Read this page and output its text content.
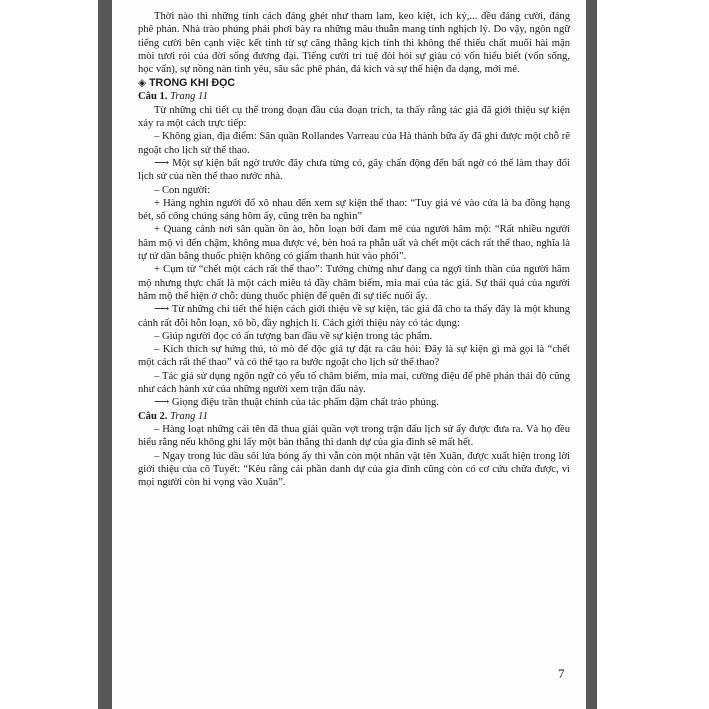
Thời nào thì những tính cách đáng ghét như tham lam, keo kiệt, ích kỷ,... đều đáng cười, đáng phê phán. Nhà trào phúng phải phơi bày ra những mâu thuẫn mang tính nghịch lý. Do vậy, ngôn ngữ tiếng cười bên cạnh việc kết tinh từ sự căng thẳng kịch tính thì không thể thiếu chất muối hài mặn mòi tươi rói của đời sống đương đại. Tiếng cười trí tuệ đòi hỏi sự giàu có vốn hiểu biết (vốn sống, học vấn), sự nồng nàn tình yêu, sâu sắc phê phán, đả kích và sự thể hiện đa dạng, mới mẻ.

◈ TRONG KHI ĐỌC
Câu 1. Trang 11

Từ những chi tiết cụ thể trong đoạn đầu của đoạn trích, ta thấy rằng tác giả đã giới thiệu sự kiện xảy ra một cách trực tiếp:

– Không gian, địa điểm: Sân quần Rollandes Varreau của Hà thành bữa ấy đã ghi được một chỗ rẽ ngoặt cho lịch sử thể thao.

⟶ Một sự kiện bất ngờ trước đây chưa từng có, gây chấn động đến bất ngờ có thể làm thay đổi lịch sử của nền thể thao nước nhà.

– Con người:

+ Hàng nghìn người đổ xô nhau đến xem sự kiện thể thao: “Tuy giá vé vào cửa là ba đồng hạng bét, số công chúng sáng hôm ấy, cũng trên ba nghìn”

+ Quang cảnh nơi sân quần ồn ào, hỗn loạn bởi đam mê của người hâm mộ: “Rất nhiều người hâm mộ vì đến chậm, không mua được vé, bèn hoá ra phẫn uất và chết một cách rất thể thao, nghĩa là tự tử dần bằng thuốc phiện không có giấm thanh hút vào phổi”.

+ Cụm từ “chết một cách rất thể thao”: Tưởng chừng như đang ca ngợi tinh thần của người hâm mộ nhưng thực chất là một cách miêu tả đầy châm biếm, mỉa mai của tác giả. Sự thái quá của người hâm mộ thể hiện ở chỗ: dùng thuốc phiện để quên đi sự tiếc nuối ấy.

⟶ Từ những chi tiết thể hiện cách giới thiệu về sự kiện, tác giả đã cho ta thấy đây là một khung cảnh rất đỗi hỗn loạn, xô bồ, đầy nghịch lí. Cách giới thiệu này có tác dụng:

– Giúp người đọc có ấn tượng ban đầu về sự kiện trong tác phẩm.

– Kích thích sự hứng thú, tò mò để độc giả tự đặt ra câu hỏi: Đây là sự kiện gì mà gọi là “chết một cách rất thể thao” và có thể tạo ra bước ngoặt cho lịch sử thể thao?

– Tác giả sử dụng ngôn ngữ có yếu tố châm biếm, mỉa mai, cường điệu để phê phán thái độ cũng như cách hành xử của những người xem trận đấu này.

⟶ Giọng điệu trần thuật chính của tác phẩm đậm chất trào phúng.

Câu 2. Trang 11

– Hàng loạt những cái tên đã thua giải quần vợt trong trận đấu lịch sử ấy được đưa ra. Và họ đều hiểu rằng nếu không ghi lấy một bàn thắng thì danh dự của gia đình sẽ mất hết.

– Ngay trong lúc dầu sôi lửa bỏng ấy thì vẫn còn một nhân vật tên Xuân, được xuất hiện trong lời giới thiệu của cô Tuyết: “Kêu rằng cái phần danh dự của gia đình cũng còn có cơ cứu chữa được, vì mọi người còn hi vọng vào Xuân”.

7
